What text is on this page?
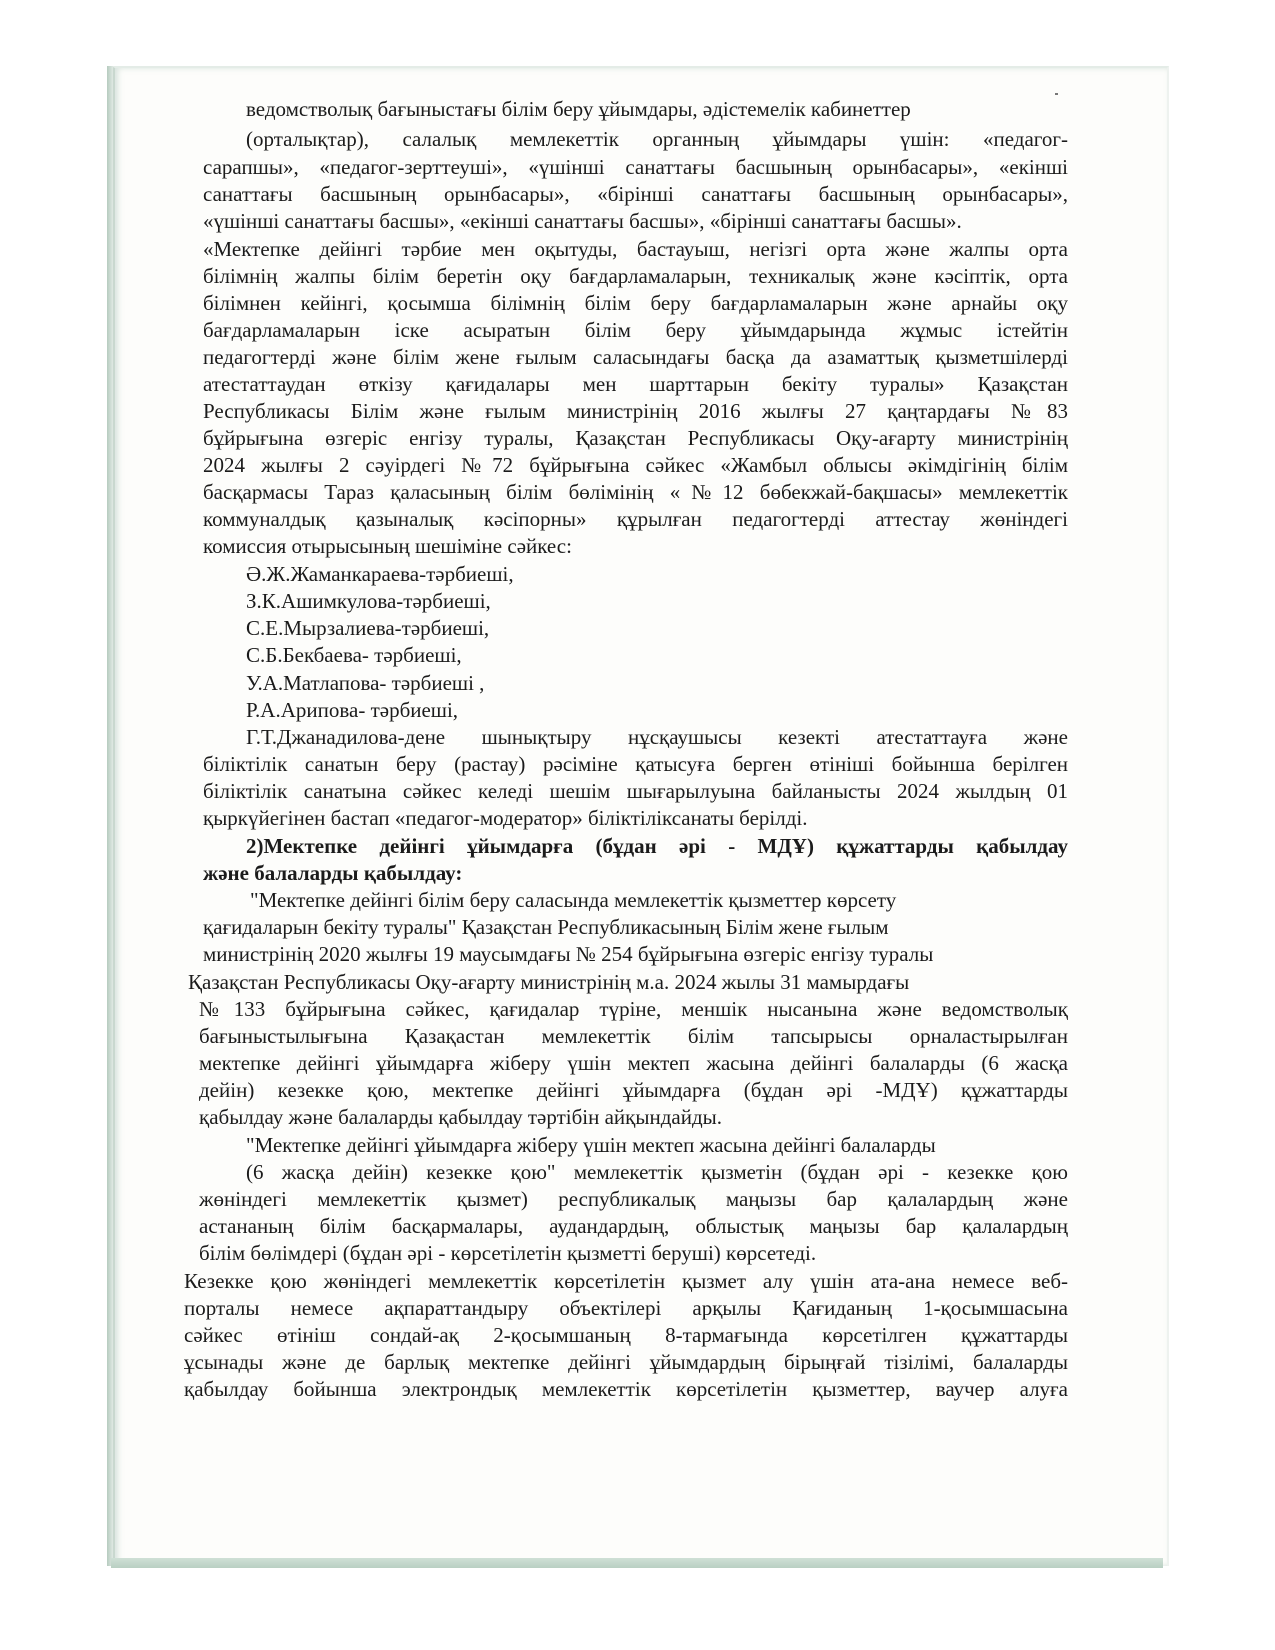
ведомстволық бағыныстағы білім беру ұйымдары, әдістемелік кабинеттер
(орталықтар), салалық мемлекеттік органның ұйымдары үшін: «педагог-
сарапшы», «педагог-зерттеуші», «үшінші санаттағы басшының орынбасары», «екінші
санаттағы басшының орынбасары», «бірінші санаттағы басшының орынбасары»,
«үшінші санаттағы басшы», «екінші санаттағы басшы», «бірінші санаттағы басшы».
«Мектепке дейінгі тәрбие мен оқытуды, бастауыш, негізгі орта және жалпы орта
білімнің жалпы білім беретін оқу бағдарламаларын, техникалық және кәсіптік, орта
білімнен кейінгі, қосымша білімнің білім беру бағдарламаларын және арнайы оқу
бағдарламаларын іске асыратын білім беру ұйымдарында жұмыс істейтін
педагогтерді және білім жене ғылым саласындағы басқа да азаматтық қызметшілерді
атестаттаудан өткізу қағидалары мен шарттарын бекіту туралы» Қазақстан
Республикасы Білім және ғылым министрінің 2016 жылғы 27 қаңтардағы №83
бұйрығына өзгеріс енгізу туралы, Қазақстан Республикасы Оқу-ағарту министрінің
2024 жылғы 2 сәуірдегі №72 бұйрығына сәйкес «Жамбыл облысы әкімдігінің білім
басқармасы Тараз қаласының білім бөлімінің «№12 бөбекжай-бақшасы» мемлекеттік
коммуналдық қазыналық кәсіпорны» құрылған педагогтерді аттестау жөніндегі
комиссия отырысының шешіміне сәйкес:
Ә.Ж.Жаманкараева-тәрбиеші,
З.К.Ашимкулова-тәрбиеші,
С.Е.Мырзалиева-тәрбиеші,
С.Б.Бекбаева- тәрбиеші,
У.А.Матлапова- тәрбиеші ,
Р.А.Арипова- тәрбиеші,
Г.Т.Джанадилова-дене шынықтыру нұсқаушысы кезекті атестаттауға және
біліктілік санатын беру (растау) рәсіміне қатысуға берген өтініші бойынша берілген
біліктілік санатына сәйкес келеді шешім шығарылуына байланысты 2024 жылдың 01
қыркүйегінен бастап «педагог-модератор» біліктіліксанаты берілді.
2)Мектепке дейінгі ұйымдарға (бұдан әрі - МДҰ) құжаттарды қабылдау
және балаларды қабылдау:
"Мектепке дейінгі білім беру саласында мемлекеттік қызметтер көрсету
қағидаларын бекіту туралы" Қазақстан Республикасының Білім жене ғылым
министрінің 2020 жылғы 19 маусымдағы № 254 бұйрығына өзгеріс енгізу туралы
Қазақстан Республикасы Оқу-ағарту министрінің м.а. 2024 жылы 31 мамырдағы
№133 бұйрығына сәйкес, қағидалар түріне, меншік нысанына және ведомстволық
бағыныстылығына Қазақастан мемлекеттік білім тапсырысы орналастырылған
мектепке дейінгі ұйымдарға жіберу үшін мектеп жасына дейінгі балаларды (6 жасқа
дейін) кезекке қою, мектепке дейінгі ұйымдарға (бұдан әрі -МДҰ) құжаттарды
қабылдау және балаларды қабылдау тәртібін айқындайды.
"Мектепке дейінгі ұйымдарға жіберу үшін мектеп жасына дейінгі балаларды
(6 жасқа дейін) кезекке қою" мемлекеттік қызметін (бұдан әрі - кезекке қою
жөніндегі мемлекеттік қызмет) республикалық маңызы бар қалалардың және
астананың білім басқармалары, аудандардың, облыстық маңызы бар қалалардың
білім бөлімдері (бұдан әрі - көрсетілетін қызметті беруші) көрсетеді.
Кезекке қою жөніндегі мемлекеттік көрсетілетін қызмет алу үшін ата-ана немесе веб-
порталы немесе ақпараттандыру объектілері арқылы Қағиданың 1-қосымшасына
сәйкес өтініш сондай-ақ 2-қосымшаның 8-тармағында көрсетілген құжаттарды
ұсынады және де барлық мектепке дейінгі ұйымдардың бірыңғай тізілімі, балаларды
қабылдау бойынша электрондық мемлекеттік көрсетілетін қызметтер, ваучер алуға
